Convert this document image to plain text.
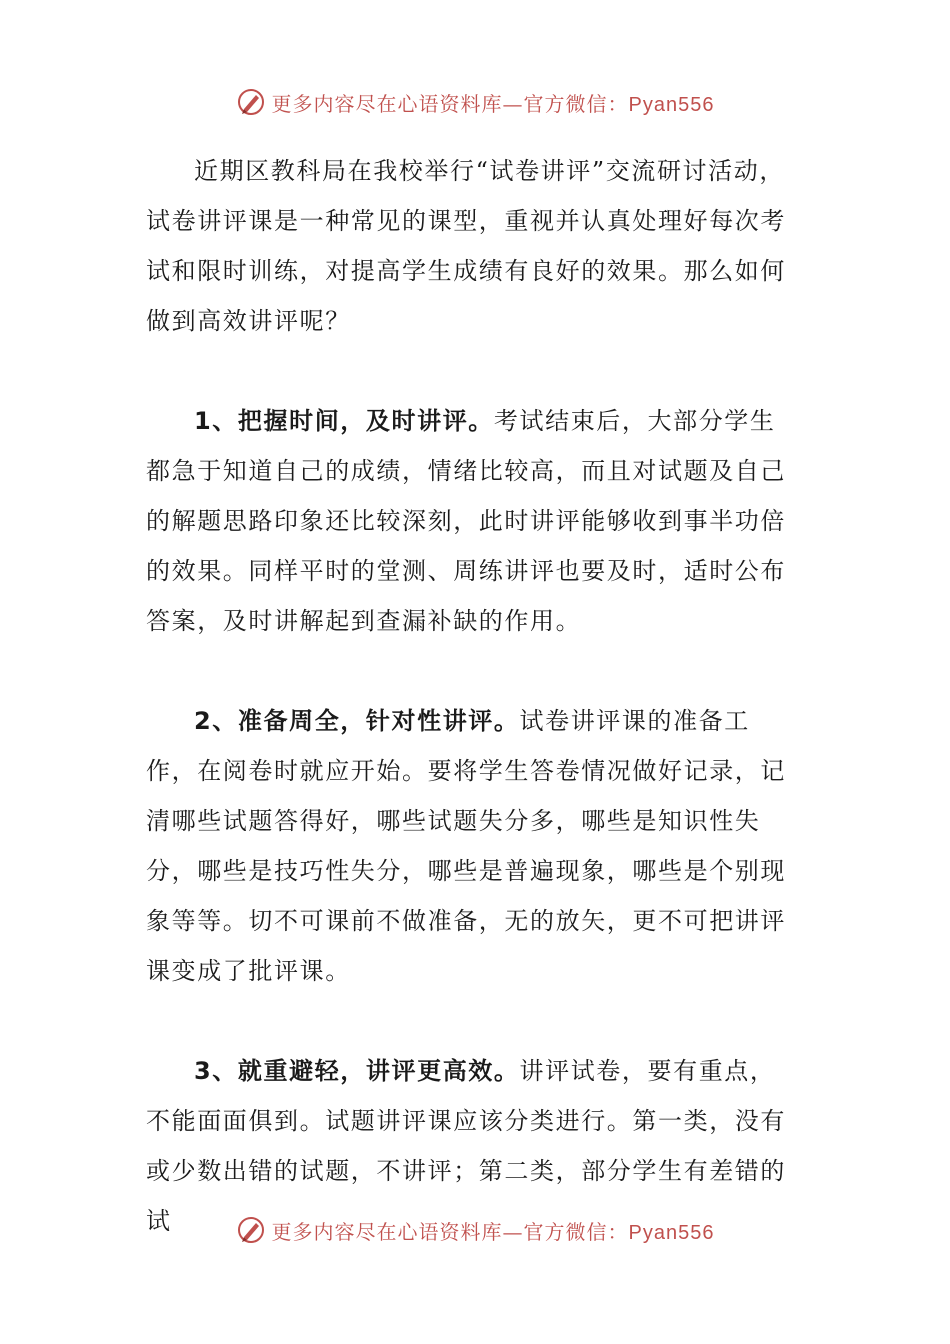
更多内容尽在心语资料库—官方微信：Pyan556

近期区教科局在我校举行“试卷讲评”交流研讨活动，试卷讲评课是一种常见的课型，重视并认真处理好每次考试和限时训练，对提高学生成绩有良好的效果。那么如何做到高效讲评呢？

1、把握时间，及时讲评。考试结束后，大部分学生都急于知道自己的成绩，情绪比较高，而且对试题及自己的解题思路印象还比较深刻，此时讲评能够收到事半功倍的效果。同样平时的堂测、周练讲评也要及时，适时公布答案，及时讲解起到查漏补缺的作用。

2、准备周全，针对性讲评。试卷讲评课的准备工作，在阅卷时就应开始。要将学生答卷情况做好记录，记清哪些试题答得好，哪些试题失分多，哪些是知识性失分，哪些是技巧性失分，哪些是普遍现象，哪些是个别现象等等。切不可课前不做准备，无的放矢，更不可把讲评课变成了批评课。

3、就重避轻，讲评更高效。讲评试卷，要有重点，不能面面俱到。试题讲评课应该分类进行。第一类，没有或少数出错的试题，不讲评；第二类，部分学生有差错的试	更多内容尽在心语资料库—官方微信：Pyan556
